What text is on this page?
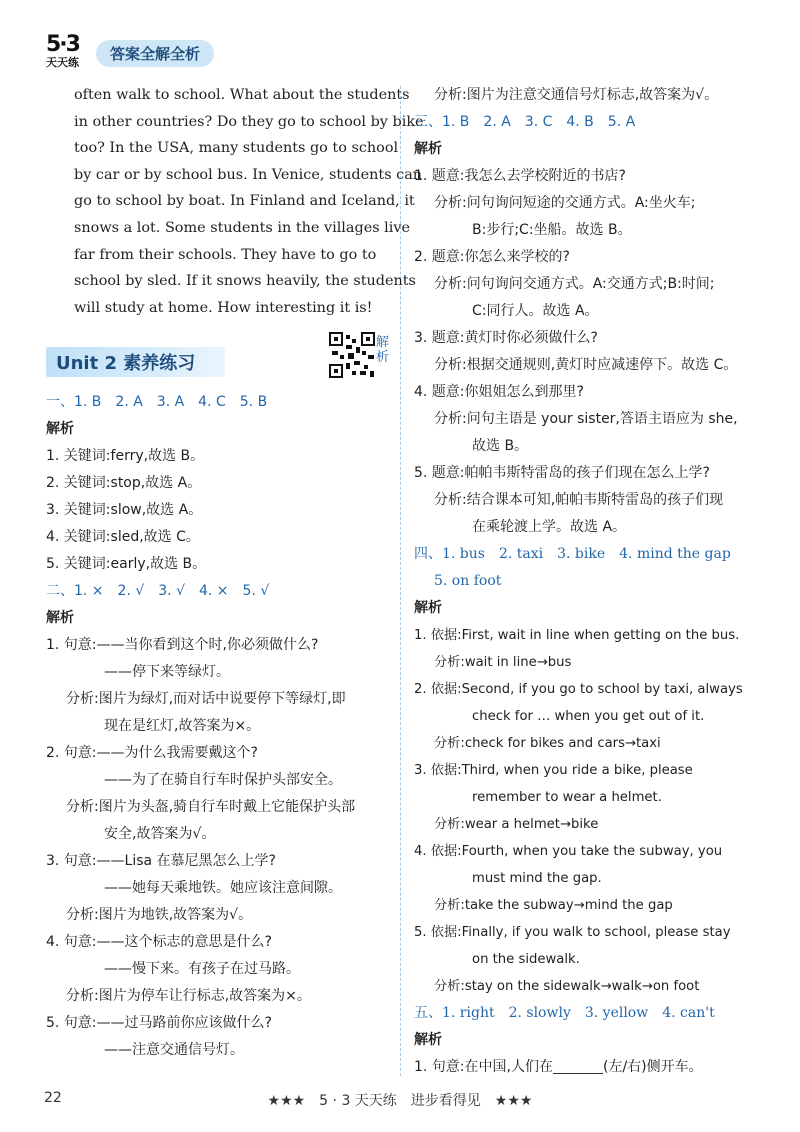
5·3
天天练	答案全解全析
often walk to school. What about the students
in other countries? Do they go to school by bike
too? In the USA, many students go to school
by car or by school bus. In Venice, students can
go to school by boat. In Finland and Iceland, it
snows a lot. Some students in the villages live
far from their schools. They have to go to
school by sled. If it snows heavily, the students
will study at home. How interesting it is!
Unit 2 素养练习
解析
一、1. B　2. A　3. A　4. C　5. B
解析
1. 关键词:ferry,故选 B。
2. 关键词:stop,故选 A。
3. 关键词:slow,故选 A。
4. 关键词:sled,故选 C。
5. 关键词:early,故选 B。
二、1. ×　2. √　3. √　4. ×　5. √
解析
1. 句意:——当你看到这个时,你必须做什么?
——停下来等绿灯。
分析:图片为绿灯,而对话中说要停下等绿灯,即
现在是红灯,故答案为×。
2. 句意:——为什么我需要戴这个?
——为了在骑自行车时保护头部安全。
分析:图片为头盔,骑自行车时戴上它能保护头部
安全,故答案为√。
3. 句意:——Lisa 在慕尼黑怎么上学?
——她每天乘地铁。她应该注意间隙。
分析:图片为地铁,故答案为√。
4. 句意:——这个标志的意思是什么?
——慢下来。有孩子在过马路。
分析:图片为停车让行标志,故答案为×。
5. 句意:——过马路前你应该做什么?
——注意交通信号灯。
分析:图片为注意交通信号灯标志,故答案为√。
三、1. B　2. A　3. C　4. B　5. A
解析
1. 题意:我怎么去学校附近的书店?
分析:问句询问短途的交通方式。A:坐火车;
B:步行;C:坐船。故选 B。
2. 题意:你怎么来学校的?
分析:问句询问交通方式。A:交通方式;B:时间;
C:同行人。故选 A。
3. 题意:黄灯时你必须做什么?
分析:根据交通规则,黄灯时应减速停下。故选 C。
4. 题意:你姐姐怎么到那里?
分析:问句主语是 your sister,答语主语应为 she,
故选 B。
5. 题意:帕帕韦斯特雷岛的孩子们现在怎么上学?
分析:结合课本可知,帕帕韦斯特雷岛的孩子们现
在乘轮渡上学。故选 A。
四、1. bus　2. taxi　3. bike　4. mind the gap
5. on foot
解析
1. 依据:First, wait in line when getting on the bus.
分析:wait in line→bus
2. 依据:Second, if you go to school by taxi, always
check for … when you get out of it.
分析:check for bikes and cars→taxi
3. 依据:Third, when you ride a bike, please
remember to wear a helmet.
分析:wear a helmet→bike
4. 依据:Fourth, when you take the subway, you
must mind the gap.
分析:take the subway→mind the gap
5. 依据:Finally, if you walk to school, please stay
on the sidewalk.
分析:stay on the sidewalk→walk→on foot
五、1. right　2. slowly　3. yellow　4. can't
解析
1. 句意:在中国,人们在	(左/右)侧开车。
22	★★★　5 · 3 天天练　进步看得见　★★★
